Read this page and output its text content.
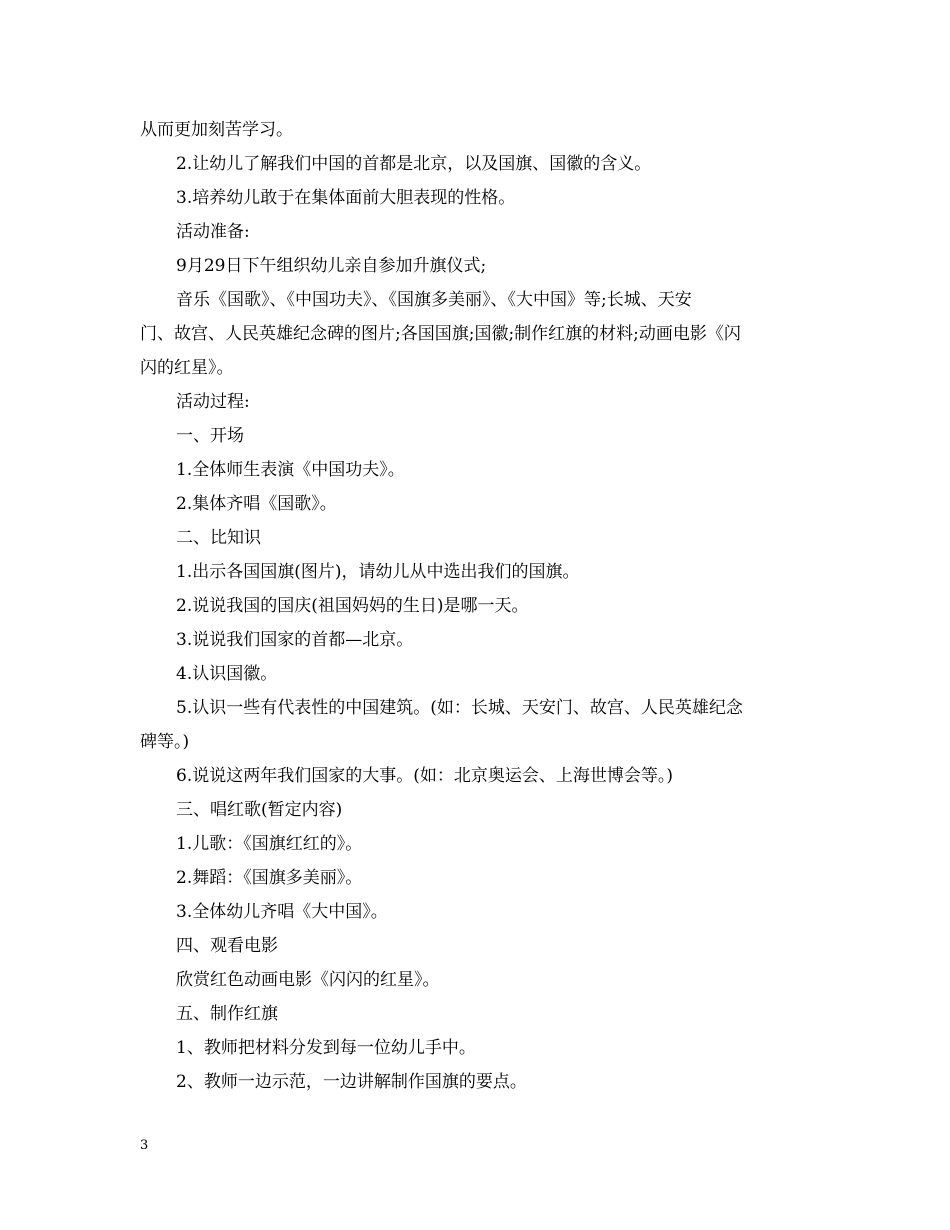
从而更加刻苦学习。
2.让幼儿了解我们中国的首都是北京，以及国旗、国徽的含义。
3.培养幼儿敢于在集体面前大胆表现的性格。
活动准备:
9月29日下午组织幼儿亲自参加升旗仪式;
音乐《国歌》、《中国功夫》、《国旗多美丽》、《大中国》等;长城、天安
门、故宫、人民英雄纪念碑的图片;各国国旗;国徽;制作红旗的材料;动画电影《闪
闪的红星》。
活动过程:
一、开场
1.全体师生表演《中国功夫》。
2.集体齐唱《国歌》。
二、比知识
1.出示各国国旗(图片)，请幼儿从中选出我们的国旗。
2.说说我国的国庆(祖国妈妈的生日)是哪一天。
3.说说我们国家的首都—北京。
4.认识国徽。
5.认识一些有代表性的中国建筑。(如：长城、天安门、故宫、人民英雄纪念
碑等。)
6.说说这两年我们国家的大事。(如：北京奥运会、上海世博会等。)
三、唱红歌(暂定内容)
1.儿歌：《国旗红红的》。
2.舞蹈：《国旗多美丽》。
3.全体幼儿齐唱《大中国》。
四、观看电影
欣赏红色动画电影《闪闪的红星》。
五、制作红旗
1、教师把材料分发到每一位幼儿手中。
2、教师一边示范，一边讲解制作国旗的要点。
3
